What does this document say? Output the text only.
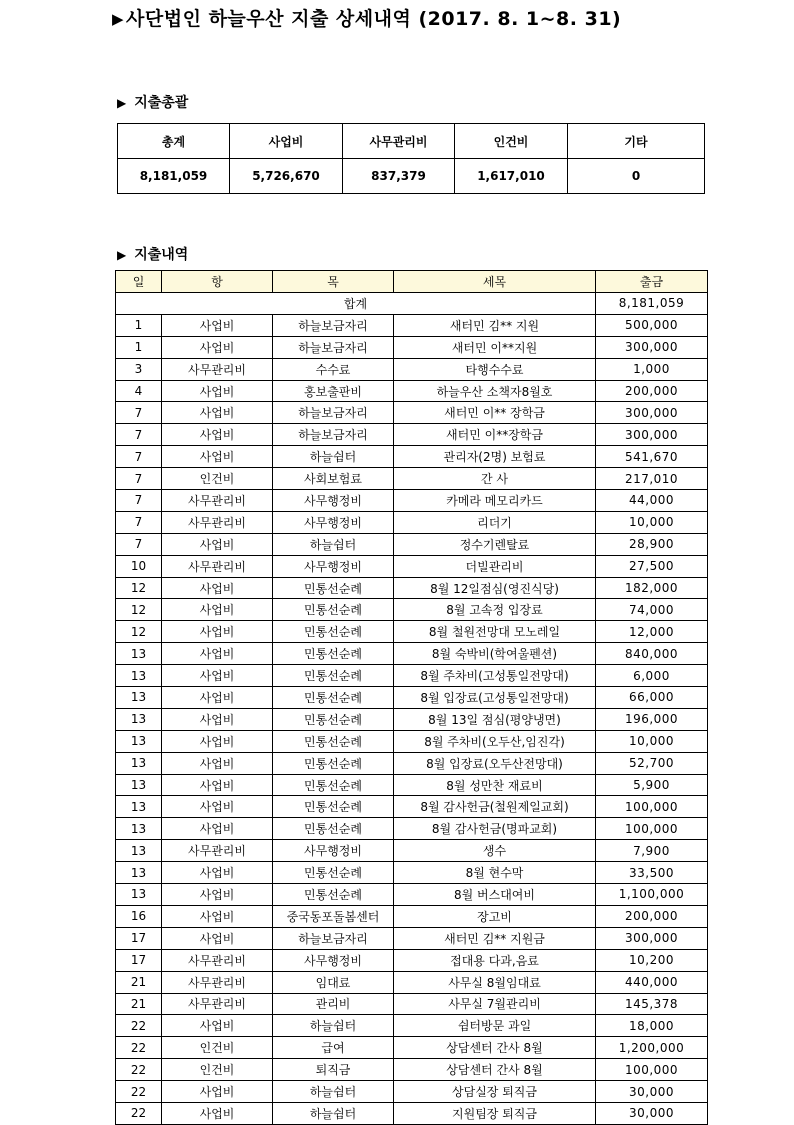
▶ 사단법인 하늘우산 지출 상세내역 (2017. 8. 1~8. 31)
▶ 지출총괄
총계	사업비	사무관리비	인건비	기타
8,181,059	5,726,670	837,379	1,617,010	0
▶ 지출내역
일	항	목	세목	출금
합계				8,181,059
1	사업비	하늘보금자리	새터민 김** 지원	500,000
1	사업비	하늘보금자리	새터민 이**지원	300,000
3	사무관리비	수수료	타행수수료	1,000
4	사업비	홍보출판비	하늘우산 소책자8월호	200,000
7	사업비	하늘보금자리	새터민 이** 장학금	300,000
7	사업비	하늘보금자리	새터민 이**장학금	300,000
7	사업비	하늘쉼터	관리자(2명) 보험료	541,670
7	인건비	사회보험료	간 사	217,010
7	사무관리비	사무행정비	카메라 메모리카드	44,000
7	사무관리비	사무행정비	리더기	10,000
7	사업비	하늘쉼터	정수기렌탈료	28,900
10	사무관리비	사무행정비	더빌관리비	27,500
12	사업비	민통선순례	8월 12일점심(영진식당)	182,000
12	사업비	민통선순례	8월 고속정 입장료	74,000
12	사업비	민통선순례	8월 철원전망대 모노레일	12,000
13	사업비	민통선순례	8월 숙박비(학여울펜션)	840,000
13	사업비	민통선순례	8월 주차비(고성통일전망대)	6,000
13	사업비	민통선순례	8월 입장료(고성통일전망대)	66,000
13	사업비	민통선순례	8월 13일 점심(평양냉면)	196,000
13	사업비	민통선순례	8월 주차비(오두산,임진각)	10,000
13	사업비	민통선순례	8월 입장료(오두산전망대)	52,700
13	사업비	민통선순례	8월 성만찬 재료비	5,900
13	사업비	민통선순례	8월 감사헌금(철원제일교회)	100,000
13	사업비	민통선순례	8월 감사헌금(명파교회)	100,000
13	사무관리비	사무행정비	생수	7,900
13	사업비	민통선순례	8월 현수막	33,500
13	사업비	민통선순례	8월 버스대여비	1,100,000
16	사업비	중국동포돌봄센터	장고비	200,000
17	사업비	하늘보금자리	새터민 김** 지원금	300,000
17	사무관리비	사무행정비	접대용 다과,음료	10,200
21	사무관리비	임대료	사무실 8월임대료	440,000
21	사무관리비	관리비	사무실 7월관리비	145,378
22	사업비	하늘쉼터	쉼터방문 과일	18,000
22	인건비	급여	상담센터 간사 8월	1,200,000
22	인건비	퇴직금	상담센터 간사 8월	100,000
22	사업비	하늘쉼터	상담실장 퇴직금	30,000
22	사업비	하늘쉼터	지원팀장 퇴직금	30,000
